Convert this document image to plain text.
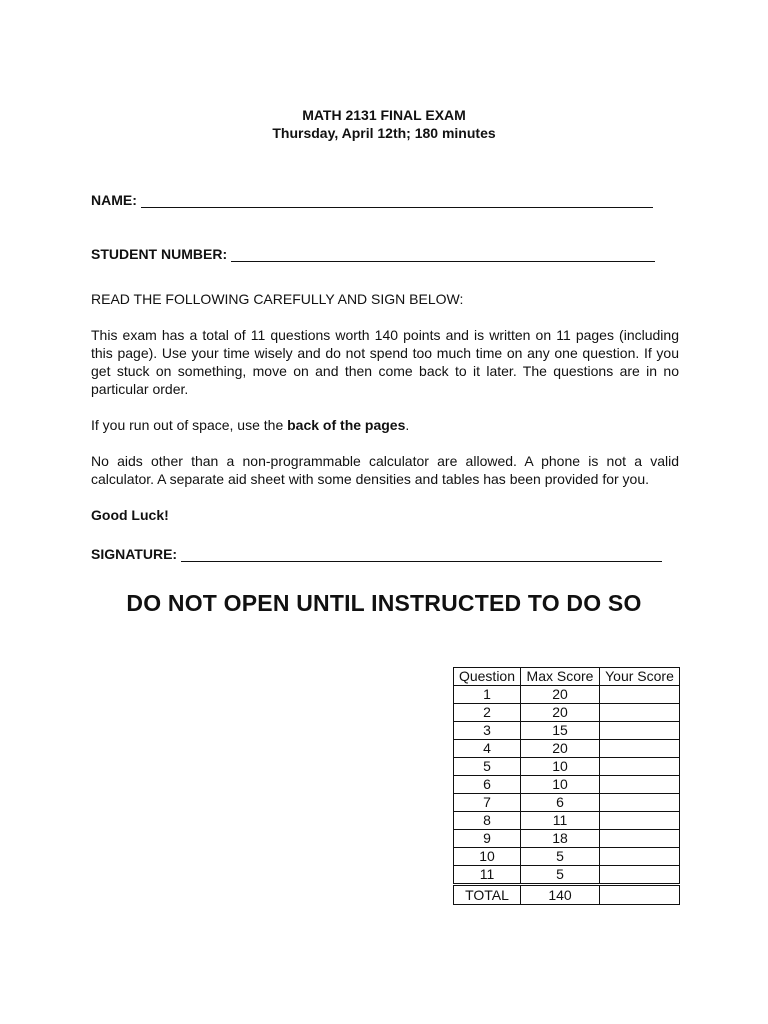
MATH 2131 FINAL EXAM
Thursday, April 12th; 180 minutes
NAME:
STUDENT NUMBER:

READ THE FOLLOWING CAREFULLY AND SIGN BELOW:

This exam has a total of 11 questions worth 140 points and is written on 11 pages (including this page). Use your time wisely and do not spend too much time on any one question. If you get stuck on something, move on and then come back to it later. The questions are in no particular order.

If you run out of space, use the back of the pages.

No aids other than a non-programmable calculator are allowed. A phone is not a valid calculator. A separate aid sheet with some densities and tables has been provided for you.

Good Luck!

SIGNATURE:
DO NOT OPEN UNTIL INSTRUCTED TO DO SO
Question	Max Score	Your Score
1	20	
2	20	
3	15	
4	20	
5	10	
6	10	
7	6	
8	11	
9	18	
10	5	
11	5	
TOTAL	140	
